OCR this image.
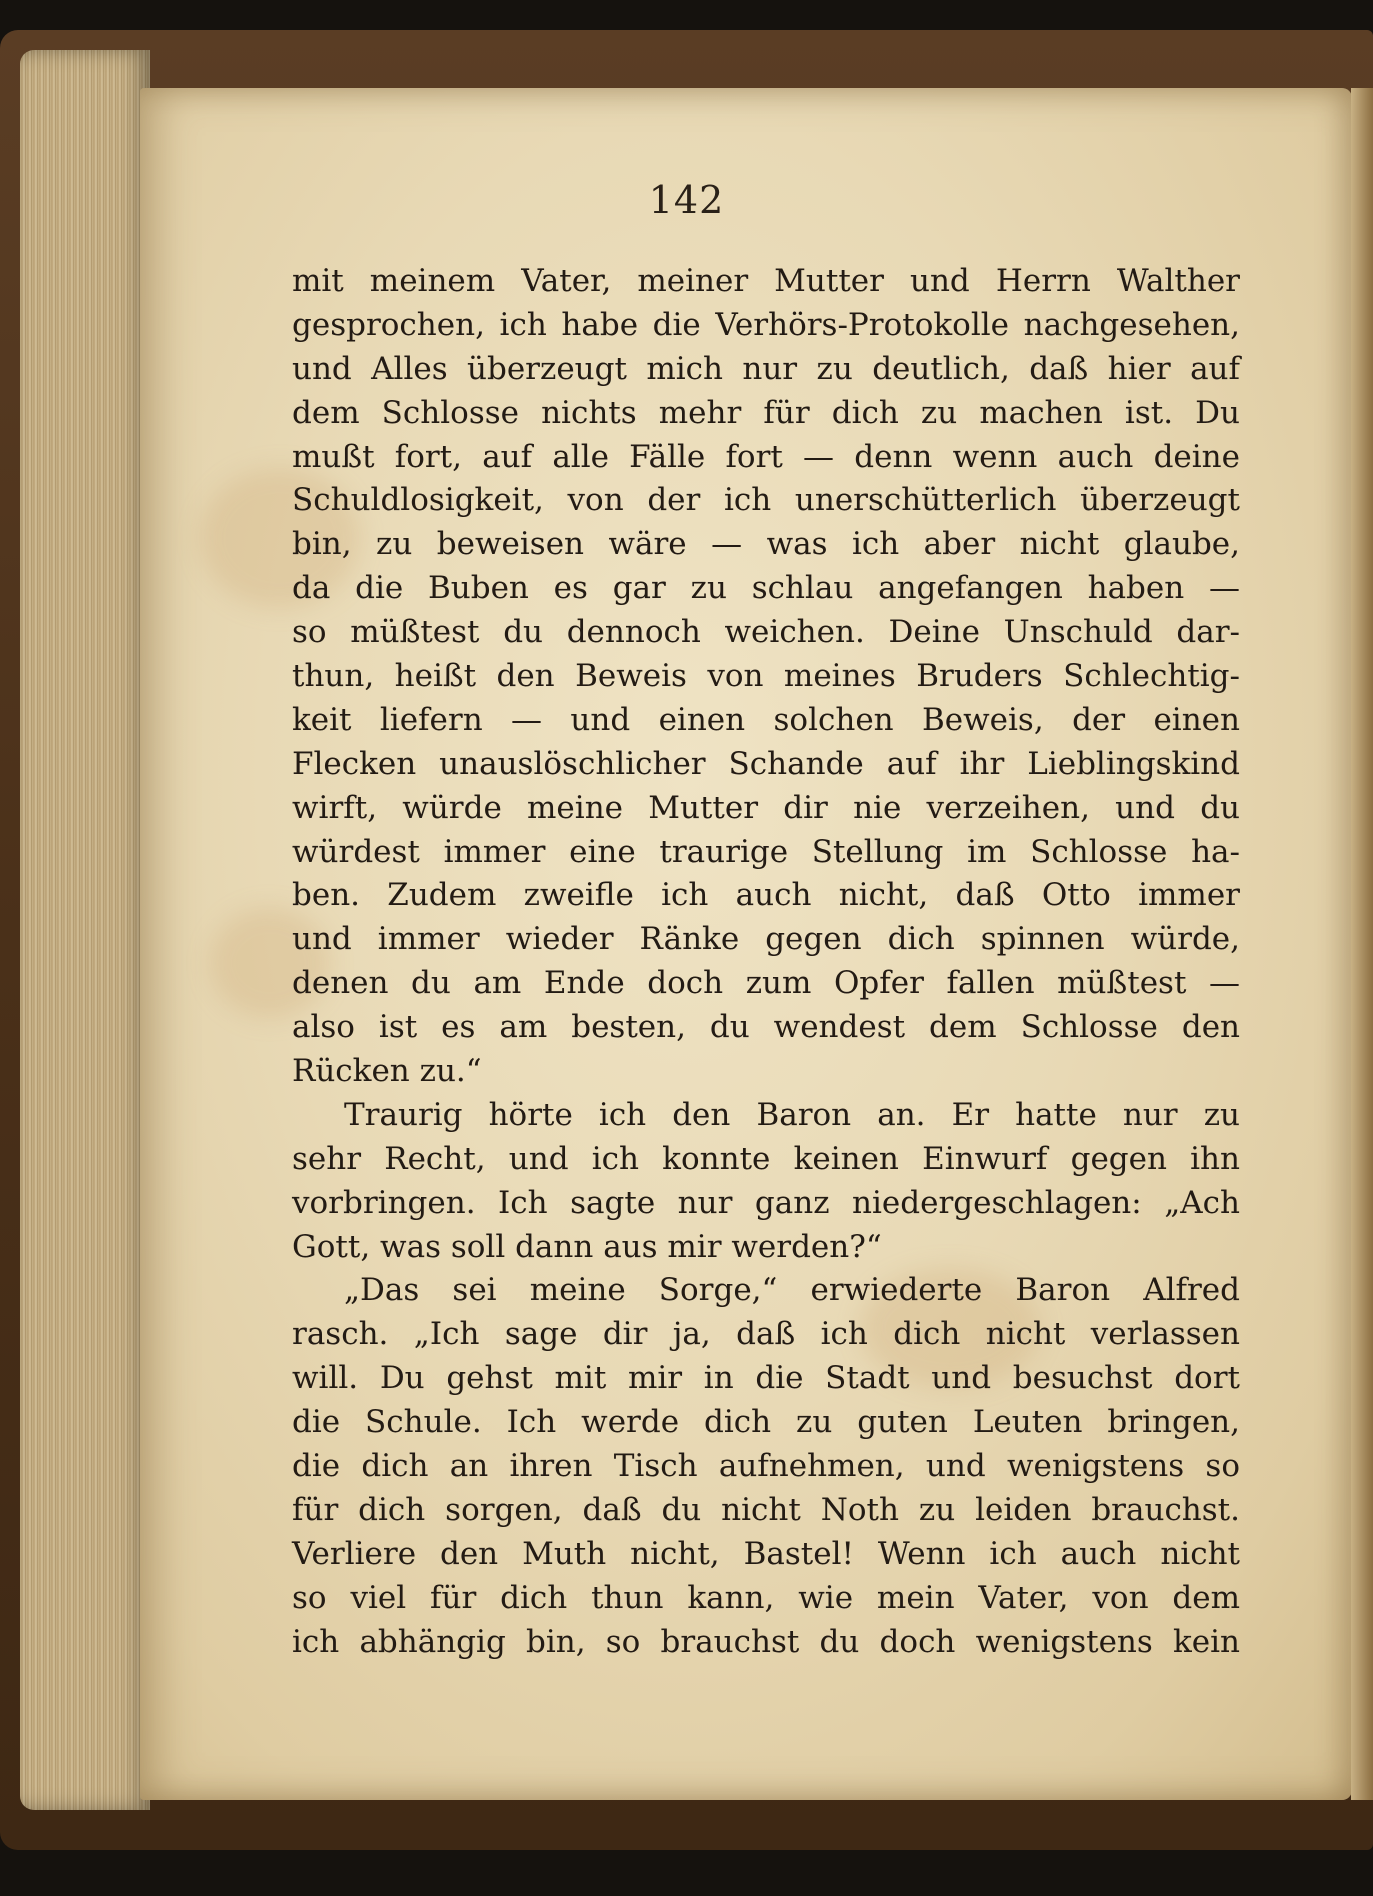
142
mit meinem Vater, meiner Mutter und Herrn Walther
gesprochen, ich habe die Verhörs-Protokolle nachgesehen,
und Alles überzeugt mich nur zu deutlich, daß hier auf
dem Schlosse nichts mehr für dich zu machen ist. Du
mußt fort, auf alle Fälle fort — denn wenn auch deine
Schuldlosigkeit, von der ich unerschütterlich überzeugt
bin, zu beweisen wäre — was ich aber nicht glaube,
da die Buben es gar zu schlau angefangen haben —
so müßtest du dennoch weichen. Deine Unschuld dar-
thun, heißt den Beweis von meines Bruders Schlechtig-
keit liefern — und einen solchen Beweis, der einen
Flecken unauslöschlicher Schande auf ihr Lieblingskind
wirft, würde meine Mutter dir nie verzeihen, und du
würdest immer eine traurige Stellung im Schlosse ha-
ben. Zudem zweifle ich auch nicht, daß Otto immer
und immer wieder Ränke gegen dich spinnen würde,
denen du am Ende doch zum Opfer fallen müßtest —
also ist es am besten, du wendest dem Schlosse den
Rücken zu.“
Traurig hörte ich den Baron an. Er hatte nur zu
sehr Recht, und ich konnte keinen Einwurf gegen ihn
vorbringen. Ich sagte nur ganz niedergeschlagen: „Ach
Gott, was soll dann aus mir werden?“
„Das sei meine Sorge,“ erwiederte Baron Alfred
rasch. „Ich sage dir ja, daß ich dich nicht verlassen
will. Du gehst mit mir in die Stadt und besuchst dort
die Schule. Ich werde dich zu guten Leuten bringen,
die dich an ihren Tisch aufnehmen, und wenigstens so
für dich sorgen, daß du nicht Noth zu leiden brauchst.
Verliere den Muth nicht, Bastel! Wenn ich auch nicht
so viel für dich thun kann, wie mein Vater, von dem
ich abhängig bin, so brauchst du doch wenigstens kein
